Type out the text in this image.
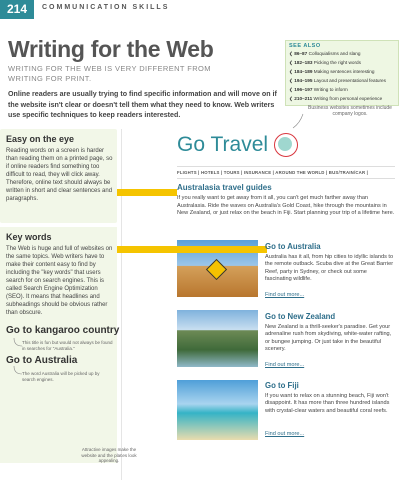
214	COMMUNICATION SKILLS
Writing for the Web
WRITING FOR THE WEB IS VERY DIFFERENT FROM WRITING FOR PRINT.
Online readers are usually trying to find specific information and will move on if the website isn't clear or doesn't tell them what they need to know. Web writers use specific techniques to keep readers interested.
SEE ALSO
❮ 86–87 Colloquialisms and slang
❮ 182–183 Picking the right words
❮ 184–189 Making sentences interesting
❮ 194–195 Layout and presentational features
❮ 196–197 Writing to inform
❮ 210–211 Writing from personal experience
Business websites sometimes include company logos.
Easy on the eye
Reading words on a screen is harder than reading them on a printed page, so if online readers find something too difficult to read, they will click away. Therefore, online text should always be written in short and clear sentences and paragraphs.
Key words
The Web is huge and full of websites on the same topics. Web writers have to make their content easy to find by including the "key words" that users search for on search engines. This is called Search Engine Optimization (SEO). It means that headlines and subheadings should be obvious rather than obscure.
Go to kangaroo country
This title is fun but would not always be found in searches for "Australia."
Go to Australia
The word Australia will be picked up by search engines.
Go Travel
FLIGHTS | HOTELS | TOURS | INSURANCE | AROUND THE WORLD | BUS/TRAIN/CAR |
Australasia travel guides
If you really want to get away from it all, you can't get much farther away than Australasia. Ride the waves on Australia's Gold Coast, hike through the mountains in New Zealand, or just relax on the beach in Fiji. Start planning your trip of a lifetime here.
Go to Australia
Australia has it all, from hip cities to idyllic islands to the remote outback. Scuba dive at the Great Barrier Reef, party in Sydney, or check out some fascinating wildlife.
Find out more...
Go to New Zealand
New Zealand is a thrill-seeker's paradise. Get your adrenaline rush from skydiving, white-water rafting, or bungee jumping. Or just take in the beautiful scenery.
Find out more...
Go to Fiji
If you want to relax on a stunning beach, Fiji won't disappoint. It has more than three hundred islands with crystal-clear waters and beautiful coral reefs.
Find out more...
Attractive images make the website and the places look appealing.
